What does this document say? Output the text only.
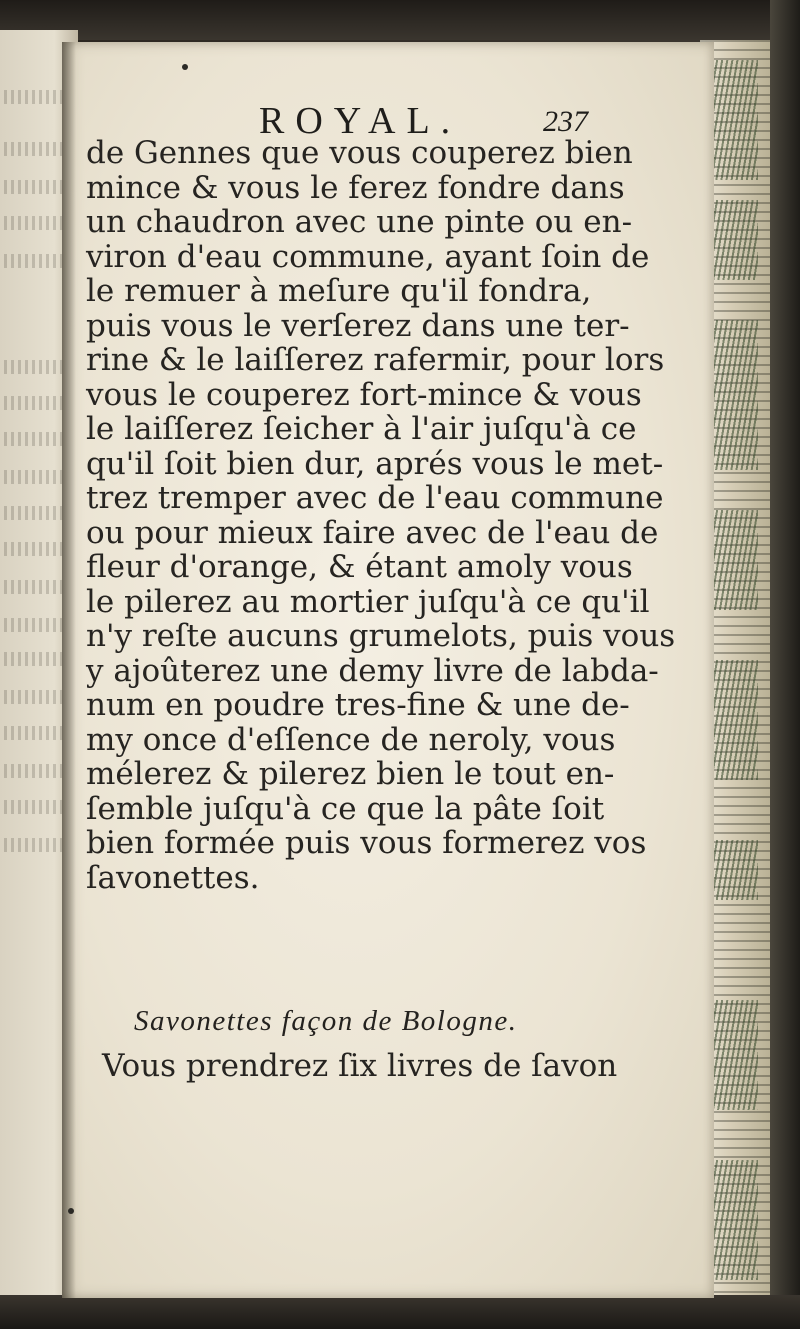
ROYAL.	237
de Gennes que vous couperez bien
mince & vous le ferez fondre dans
un chaudron avec une pinte ou en-
viron d'eau commune, ayant ſoin de
le remuer à meſure qu'il fondra,
puis vous le verſerez dans une ter-
rine & le laiſſerez rafermir, pour lors
vous le couperez fort-mince & vous
le laiſſerez ſeicher à l'air juſqu'à ce
qu'il ſoit bien dur, aprés vous le met-
trez tremper avec de l'eau commune
ou pour mieux faire avec de l'eau de
fleur d'orange, & étant amoly vous
le pilerez au mortier juſqu'à ce qu'il
n'y reſte aucuns grumelots, puis vous
y ajoûterez une demy livre de labda-
num en poudre tres-fine & une de-
my once d'eſſence de neroly, vous
mélerez & pilerez bien le tout en-
ſemble juſqu'à ce que la pâte ſoit
bien formée puis vous formerez vos
ſavonettes.
Savonettes façon de Bologne.
Vous prendrez ſix livres de ſavon
